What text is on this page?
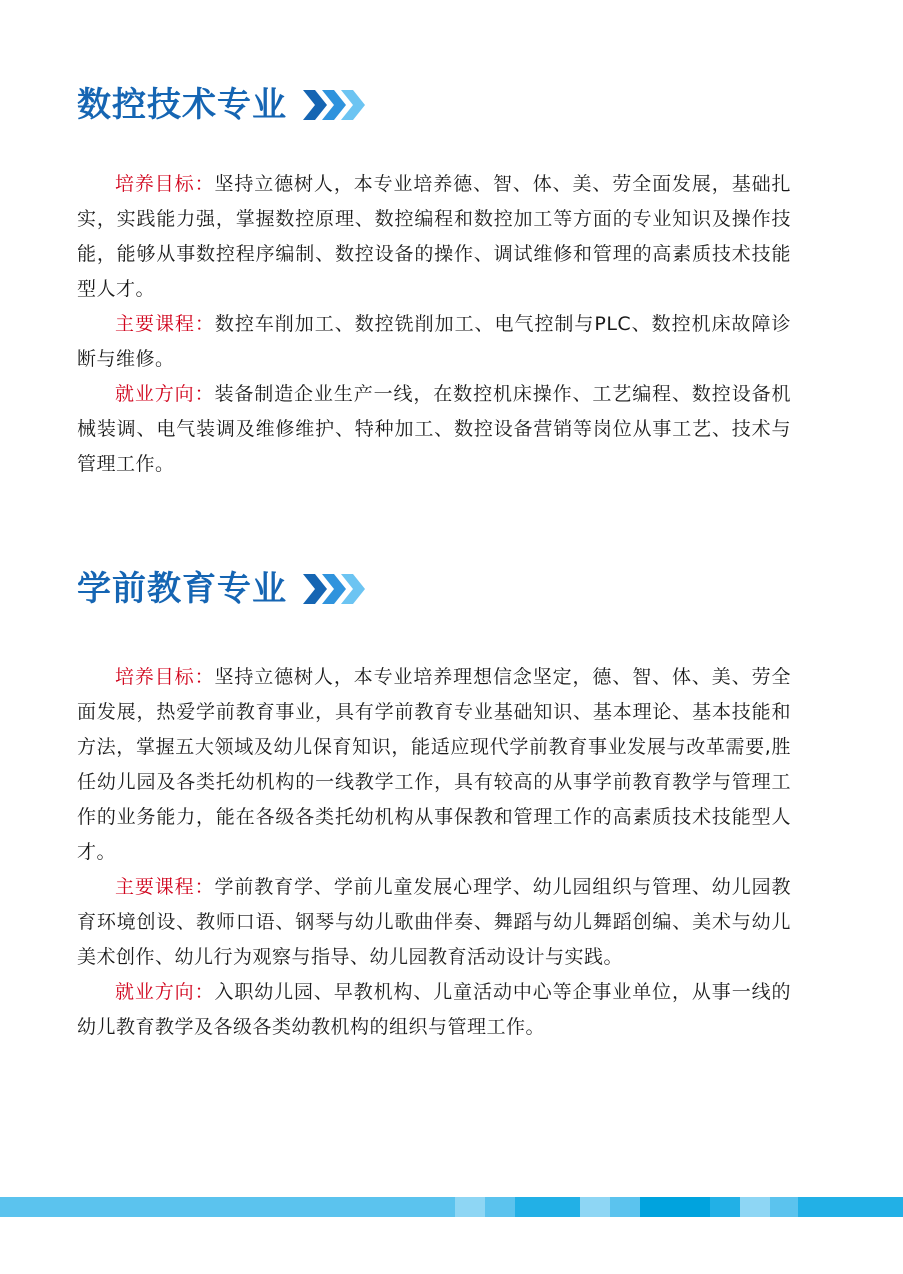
数控技术专业

培养目标：坚持立德树人，本专业培养德、智、体、美、劳全面发展，基础扎实，实践能力强，掌握数控原理、数控编程和数控加工等方面的专业知识及操作技能，能够从事数控程序编制、数控设备的操作、调试维修和管理的高素质技术技能型人才。

主要课程：数控车削加工、数控铣削加工、电气控制与PLC、数控机床故障诊断与维修。

就业方向：装备制造企业生产一线，在数控机床操作、工艺编程、数控设备机械装调、电气装调及维修维护、特种加工、数控设备营销等岗位从事工艺、技术与管理工作。

学前教育专业

培养目标：坚持立德树人，本专业培养理想信念坚定，德、智、体、美、劳全面发展，热爱学前教育事业，具有学前教育专业基础知识、基本理论、基本技能和方法，掌握五大领域及幼儿保育知识，能适应现代学前教育事业发展与改革需要,胜任幼儿园及各类托幼机构的一线教学工作，具有较高的从事学前教育教学与管理工作的业务能力，能在各级各类托幼机构从事保教和管理工作的高素质技术技能型人才。

主要课程：学前教育学、学前儿童发展心理学、幼儿园组织与管理、幼儿园教育环境创设、教师口语、钢琴与幼儿歌曲伴奏、舞蹈与幼儿舞蹈创编、美术与幼儿美术创作、幼儿行为观察与指导、幼儿园教育活动设计与实践。

就业方向：入职幼儿园、早教机构、儿童活动中心等企事业单位，从事一线的幼儿教育教学及各级各类幼教机构的组织与管理工作。
